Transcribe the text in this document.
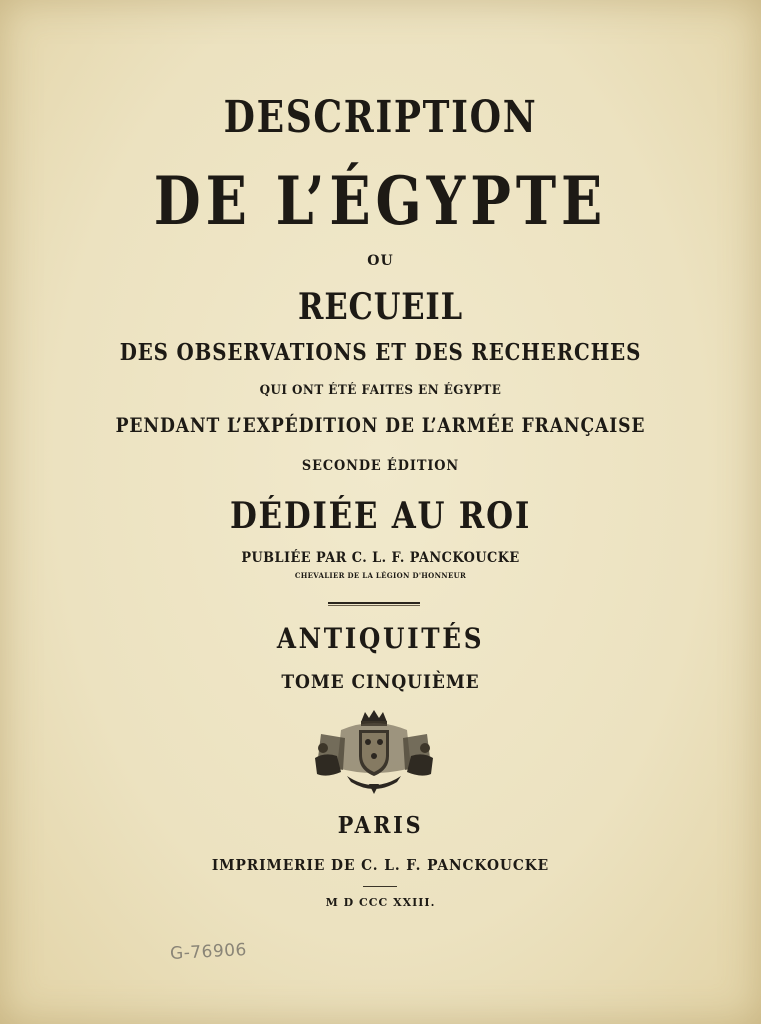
DESCRIPTION
DE L’ÉGYPTE
OU
RECUEIL
DES OBSERVATIONS ET DES RECHERCHES
QUI ONT ÉTÉ FAITES EN ÉGYPTE
PENDANT L’EXPÉDITION DE L’ARMÉE FRANÇAISE
SECONDE ÉDITION
DÉDIÉE AU ROI
PUBLIÉE PAR C. L. F. PANCKOUCKE
CHEVALIER DE LA LÉGION D'HONNEUR
ANTIQUITÉS
TOME CINQUIÈME
PARIS
IMPRIMERIE DE C. L. F. PANCKOUCKE
M D CCC XXIII.
G-76906
